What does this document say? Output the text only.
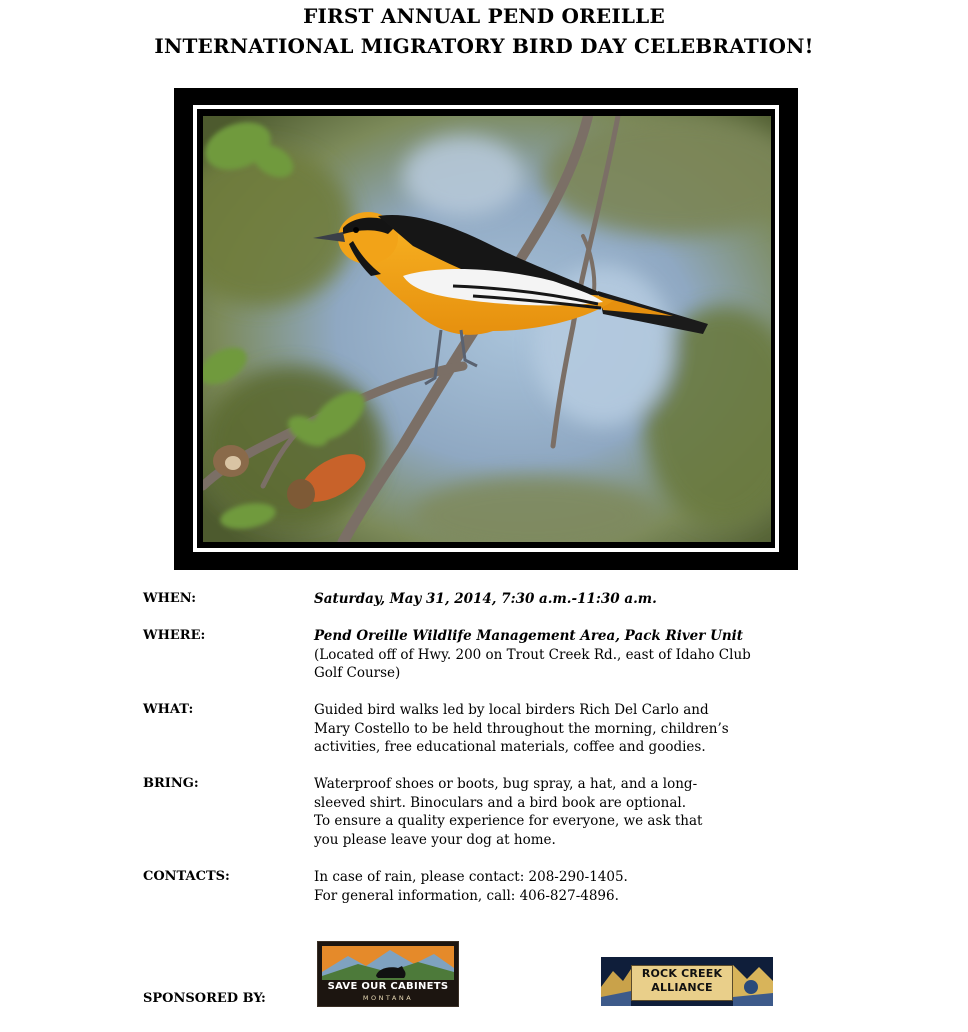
FIRST ANNUAL PEND OREILLE
INTERNATIONAL MIGRATORY BIRD DAY CELEBRATION!
WHEN:	Saturday, May 31, 2014, 7:30 a.m.-11:30 a.m.
WHERE:	Pend Oreille Wildlife Management Area, Pack River Unit
(Located off of Hwy. 200 on Trout Creek Rd., east of Idaho Club
Golf Course)
WHAT:	Guided bird walks led by local birders Rich Del Carlo and
Mary Costello to be held throughout the morning, children’s
activities, free educational materials, coffee and goodies.
BRING:	Waterproof shoes or boots, bug spray, a hat, and a long-
sleeved shirt. Binoculars and a bird book are optional.
To ensure a quality experience for everyone, we ask that
you please leave your dog at home.
CONTACTS:	In case of rain, please contact: 208-290-1405.
For general information, call: 406-827-4896.
SPONSORED BY:
SAVE OUR CABINETS
MONTANA
ROCK CREEK
ALLIANCE
